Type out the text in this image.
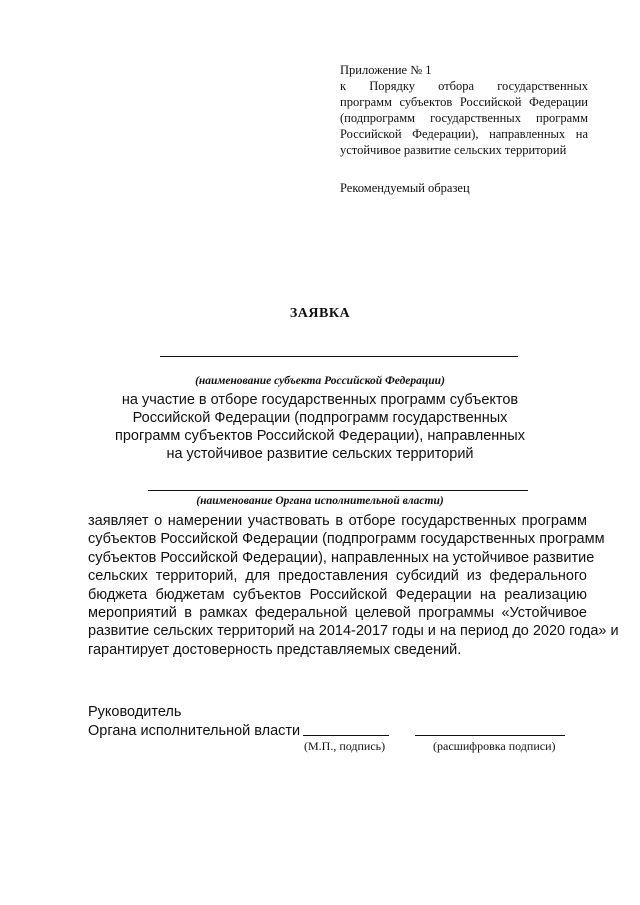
Приложение № 1
к Порядку отбора государственных
программ субъектов Российской Федерации
(подпрограмм государственных программ
Российской Федерации), направленных на
устойчивое развитие сельских территорий
Рекомендуемый образец
ЗАЯВКА
(наименование субъекта Российской Федерации)
на участие в отборе государственных программ субъектов
Российской Федерации (подпрограмм государственных
программ субъектов Российской Федерации), направленных
на устойчивое развитие сельских территорий
(наименование Органа исполнительной власти)
заявляет о намерении участвовать в отборе государственных программ
субъектов Российской Федерации (подпрограмм государственных программ
субъектов Российской Федерации), направленных на устойчивое развитие
сельских территорий, для предоставления субсидий из федерального
бюджета бюджетам субъектов Российской Федерации на реализацию
мероприятий в рамках федеральной целевой программы «Устойчивое
развитие сельских территорий на 2014-2017 годы и на период до 2020 года» и
гарантирует достоверность представляемых сведений.
Руководитель
Органа исполнительной власти
(М.П., подпись)	(расшифровка подписи)
